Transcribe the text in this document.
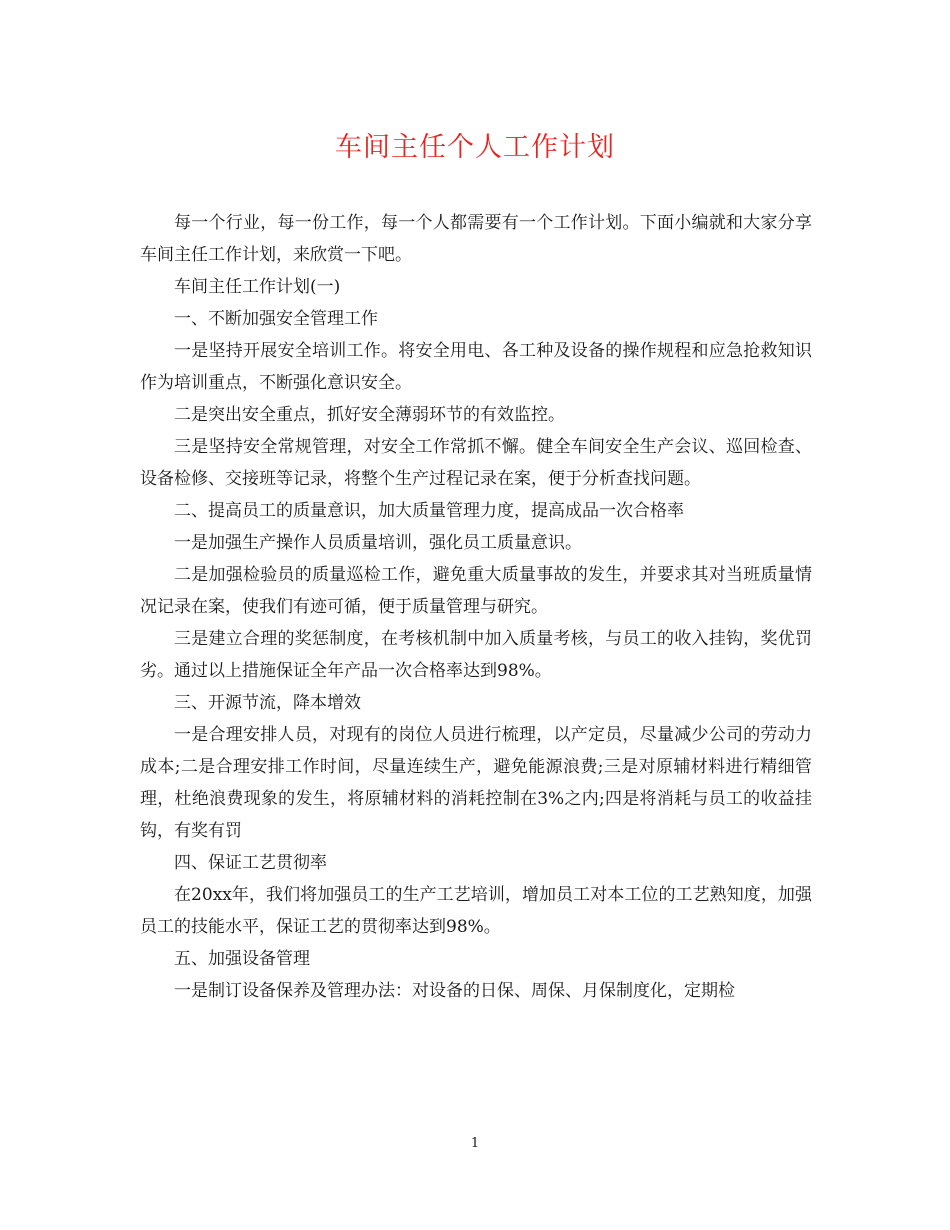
车间主任个人工作计划

每一个行业，每一份工作，每一个人都需要有一个工作计划。下面小编就和大家分享车间主任工作计划，来欣赏一下吧。

车间主任工作计划(一)

一、不断加强安全管理工作

一是坚持开展安全培训工作。将安全用电、各工种及设备的操作规程和应急抢救知识作为培训重点，不断强化意识安全。

二是突出安全重点，抓好安全薄弱环节的有效监控。

三是坚持安全常规管理，对安全工作常抓不懈。健全车间安全生产会议、巡回检查、设备检修、交接班等记录，将整个生产过程记录在案，便于分析查找问题。

二、提高员工的质量意识，加大质量管理力度，提高成品一次合格率

一是加强生产操作人员质量培训，强化员工质量意识。

二是加强检验员的质量巡检工作，避免重大质量事故的发生，并要求其对当班质量情况记录在案，使我们有迹可循，便于质量管理与研究。

三是建立合理的奖惩制度，在考核机制中加入质量考核，与员工的收入挂钩，奖优罚劣。通过以上措施保证全年产品一次合格率达到98%。

三、开源节流，降本增效

一是合理安排人员，对现有的岗位人员进行梳理，以产定员，尽量减少公司的劳动力成本;二是合理安排工作时间，尽量连续生产，避免能源浪费;三是对原辅材料进行精细管理，杜绝浪费现象的发生，将原辅材料的消耗控制在3%之内;四是将消耗与员工的收益挂钩，有奖有罚

四、保证工艺贯彻率

在20xx年，我们将加强员工的生产工艺培训，增加员工对本工位的工艺熟知度，加强员工的技能水平，保证工艺的贯彻率达到98%。

五、加强设备管理

一是制订设备保养及管理办法：对设备的日保、周保、月保制度化，定期检

1
